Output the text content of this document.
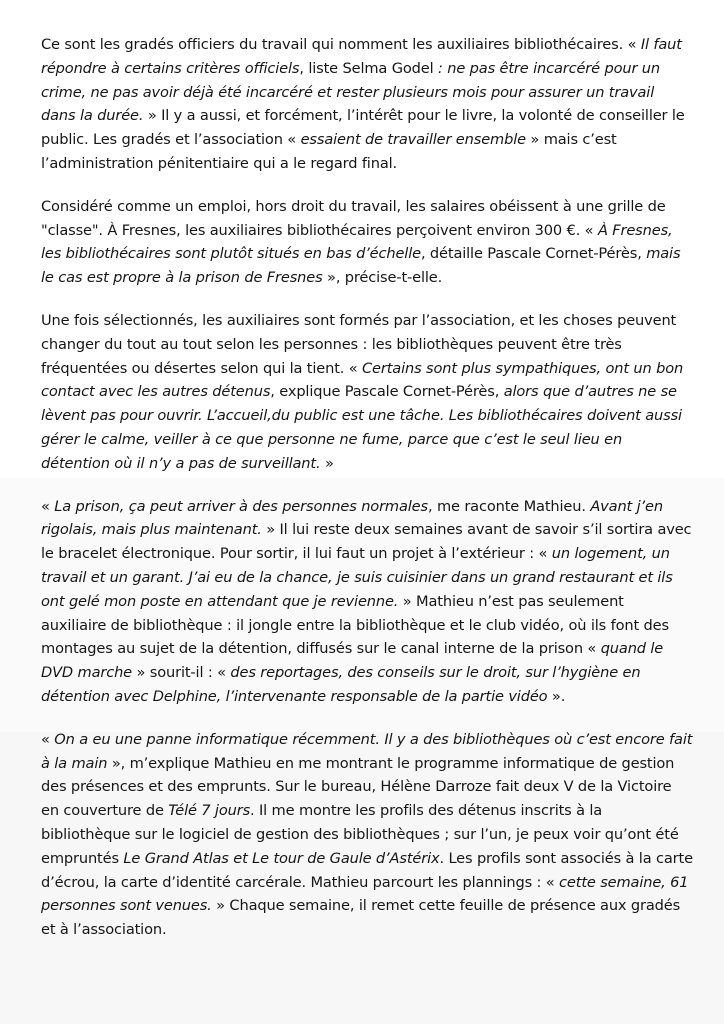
Ce sont les gradés officiers du travail qui nomment les auxiliaires bibliothécaires. « Il faut répondre à certains critères officiels, liste Selma Godel : ne pas être incarcéré pour un crime, ne pas avoir déjà été incarcéré et rester plusieurs mois pour assurer un travail dans la durée. » Il y a aussi, et forcément, l’intérêt pour le livre, la volonté de conseiller le public. Les gradés et l’association « essaient de travailler ensemble » mais c’est l’administration pénitentiaire qui a le regard final.

Considéré comme un emploi, hors droit du travail, les salaires obéissent à une grille de "classe". À Fresnes, les auxiliaires bibliothécaires perçoivent environ 300 €. « À Fresnes, les bibliothécaires sont plutôt situés en bas d’échelle, détaille Pascale Cornet-Pérès, mais le cas est propre à la prison de Fresnes », précise-t-elle.

Une fois sélectionnés, les auxiliaires sont formés par l’association, et les choses peuvent changer du tout au tout selon les personnes : les bibliothèques peuvent être très fréquentées ou désertes selon qui la tient. « Certains sont plus sympathiques, ont un bon contact avec les autres détenus, explique Pascale Cornet-Pérès, alors que d’autres ne se lèvent pas pour ouvrir. L’accueil,du public est une tâche. Les bibliothécaires doivent aussi gérer le calme, veiller à ce que personne ne fume, parce que c’est le seul lieu en détention où il n’y a pas de surveillant. »

« La prison, ça peut arriver à des personnes normales, me raconte Mathieu. Avant j’en rigolais, mais plus maintenant. » Il lui reste deux semaines avant de savoir s’il sortira avec le bracelet électronique. Pour sortir, il lui faut un projet à l’extérieur : « un logement, un travail et un garant. J’ai eu de la chance, je suis cuisinier dans un grand restaurant et ils ont gelé mon poste en attendant que je revienne. » Mathieu n’est pas seulement auxiliaire de bibliothèque : il jongle entre la bibliothèque et le club vidéo, où ils font des montages au sujet de la détention, diffusés sur le canal interne de la prison « quand le DVD marche » sourit-il : « des reportages, des conseils sur le droit, sur l’hygiène en détention avec Delphine, l’intervenante responsable de la partie vidéo ».

« On a eu une panne informatique récemment. Il y a des bibliothèques où c’est encore fait à la main », m’explique Mathieu en me montrant le programme informatique de gestion des présences et des emprunts. Sur le bureau, Hélène Darroze fait deux V de la Victoire en couverture de Télé 7 jours. Il me montre les profils des détenus inscrits à la bibliothèque sur le logiciel de gestion des bibliothèques ; sur l’un, je peux voir qu’ont été empruntés Le Grand Atlas et Le tour de Gaule d’Astérix. Les profils sont associés à la carte d’écrou, la carte d’identité carcérale. Mathieu parcourt les plannings : « cette semaine, 61 personnes sont venues. » Chaque semaine, il remet cette feuille de présence aux gradés et à l’association.
